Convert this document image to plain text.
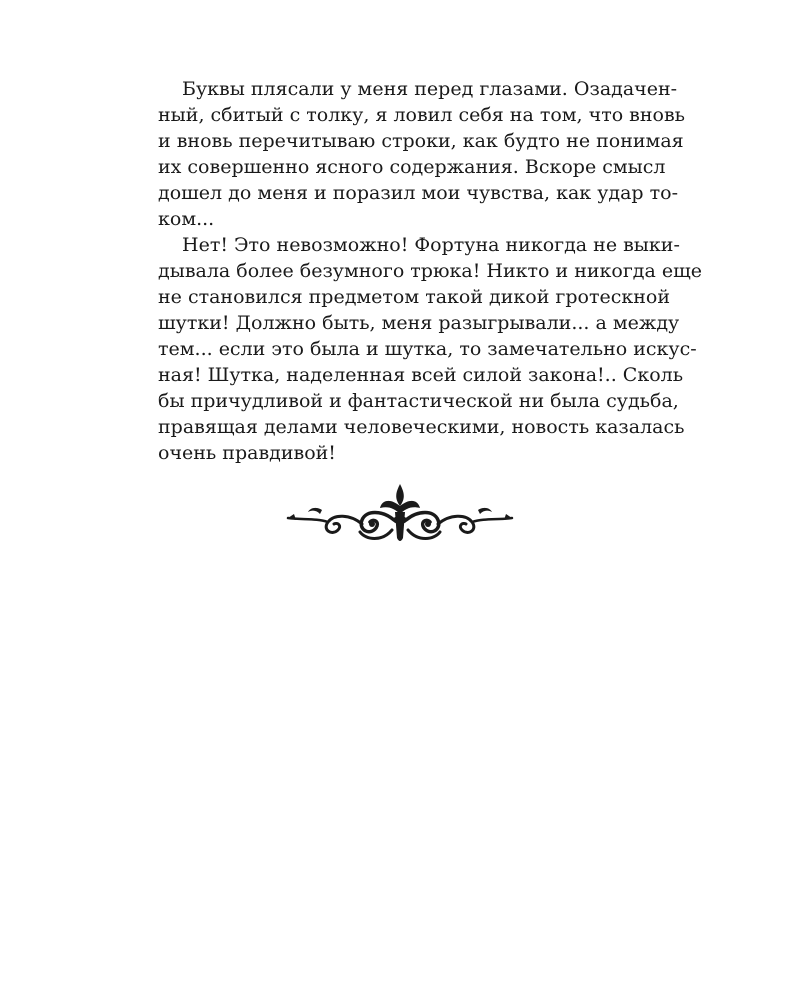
Буквы плясали у меня перед глазами. Озадачен-
ный, сбитый с толку, я ловил себя на том, что вновь
и вновь перечитываю строки, как будто не понимая
их совершенно ясного содержания. Вскоре смысл
дошел до меня и поразил мои чувства, как удар то-
ком...
Нет! Это невозможно! Фортуна никогда не выки-
дывала более безумного трюка! Никто и никогда еще
не становился предметом такой дикой гротескной
шутки! Должно быть, меня разыгрывали... а между
тем... если это была и шутка, то замечательно искус-
ная! Шутка, наделенная всей силой закона!.. Сколь
бы причудливой и фантастической ни была судьба,
правящая делами человеческими, новость казалась
очень правдивой!
